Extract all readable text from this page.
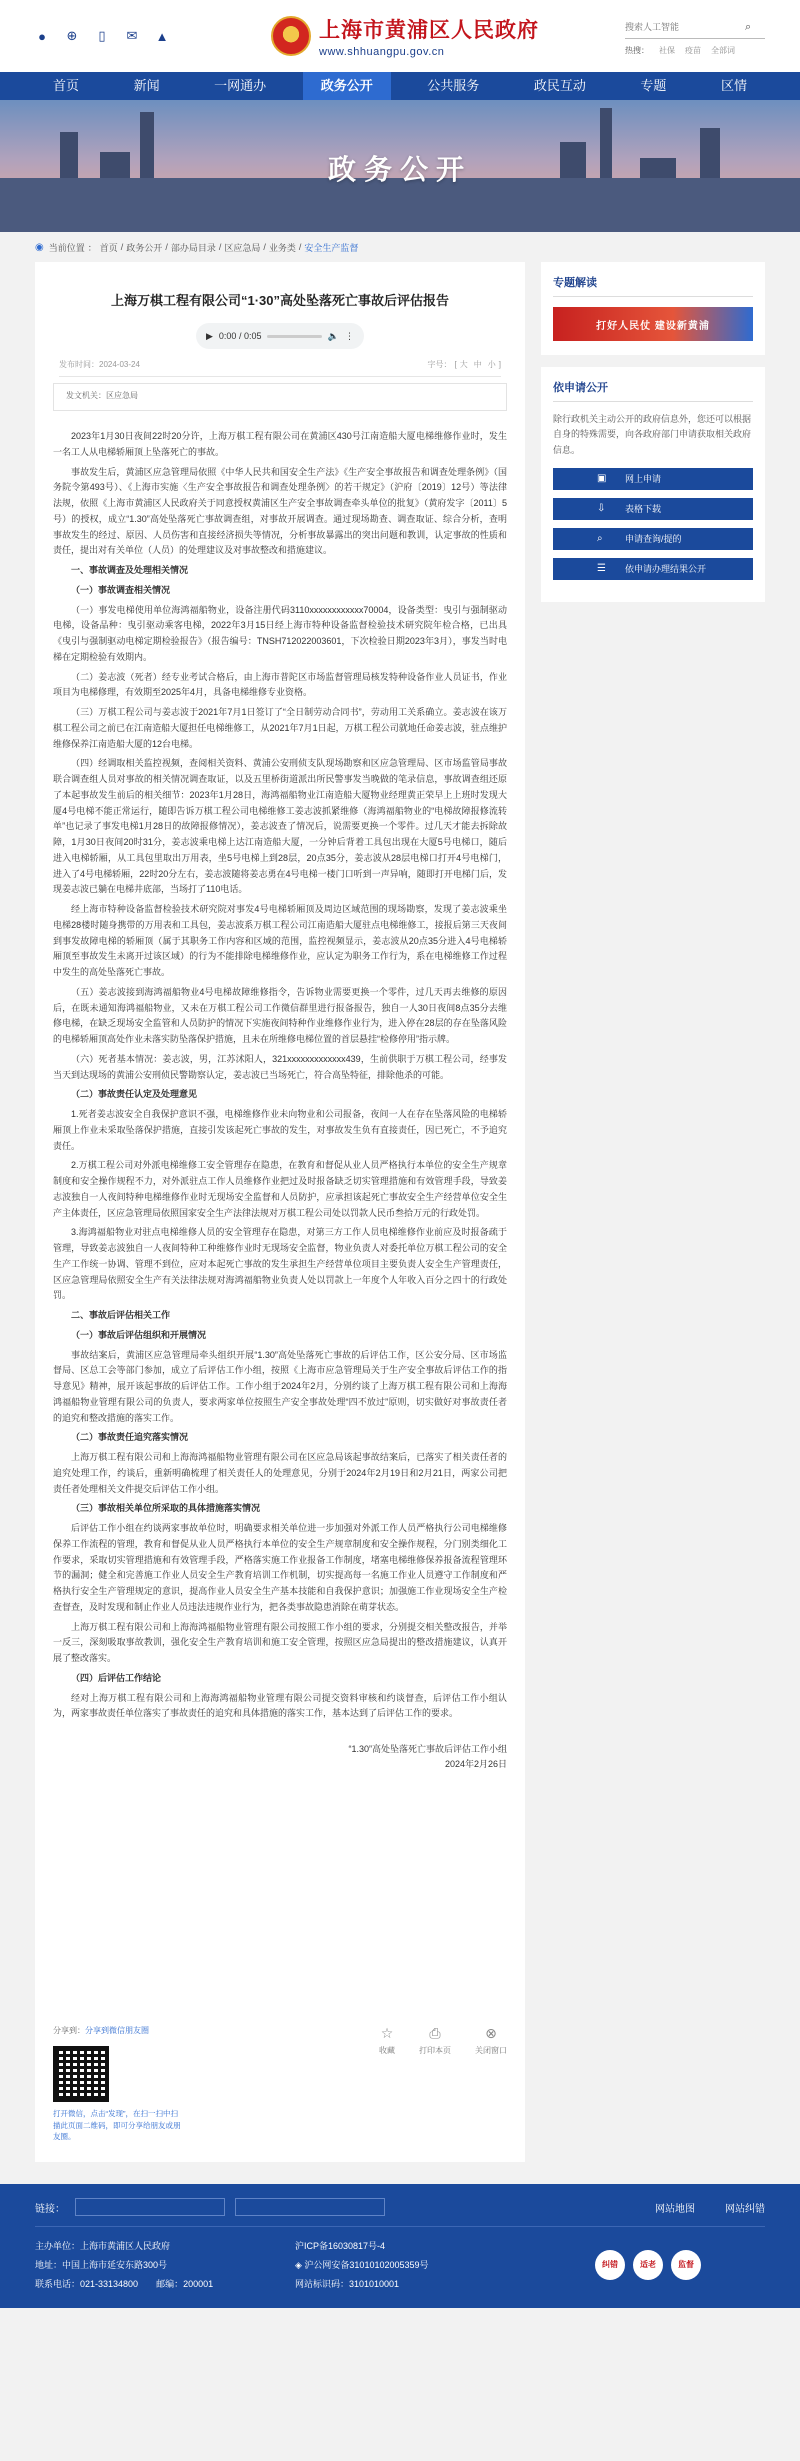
● ⊕ ▯ ✉ ▲	上海市黄浦区人民政府
www.shhuangpu.gov.cn
搜索人工智能
⌕
热搜： 社保 疫苗 全部词
首页	新闻	一网通办	政务公开	公共服务	政民互动	专题	区情
政务公开
◉ 当前位置 ： 首页 / 政务公开 / 部办局目录 / 区应急局 / 业务类 / 安全生产监督
上海万棋工程有限公司“1·30”高处坠落死亡事故后评估报告
▶ 0:00 / 0:05	🔈 ⋮
发布时间：2024-03-24	字号： [ 大 中 小 ]
发文机关：区应急局

2023年1月30日夜间22时20分许，上海万棋工程有限公司在黄浦区430号江南造船大厦电梯维修作业时，发生一名工人从电梯轿厢顶上坠落死亡的事故。

事故发生后，黄浦区应急管理局依照《中华人民共和国安全生产法》《生产安全事故报告和调查处理条例》（国务院令第493号）、《上海市实施〈生产安全事故报告和调查处理条例〉的若干规定》（沪府〔2019〕12号）等法律法规，依照《上海市黄浦区人民政府关于同意授权黄浦区生产安全事故调查牵头单位的批复》（黄府发字〔2011〕5号）的授权，成立“1.30”高处坠落死亡事故调查组，对事故开展调查。通过现场勘查、调查取证、综合分析，查明事故发生的经过、原因、人员伤害和直接经济损失等情况，分析事故暴露出的突出问题和教训，认定事故的性质和责任，提出对有关单位（人员）的处理建议及对事故整改和措施建议。

一、事故调查及处理相关情况

（一）事故调查相关情况

（一）事发电梯使用单位海鸿福船物业，设备注册代码3110xxxxxxxxxxxx70004，设备类型：曳引与强制驱动电梯，设备品种：曳引驱动乘客电梯，2022年3月15日经上海市特种设备监督检验技术研究院年检合格，已出具《曳引与强制驱动电梯定期检验报告》（报告编号：TNSH712022003601，下次检验日期2023年3月），事发当时电梯在定期检验有效期内。

（二）姜志波（死者）经专业考试合格后，由上海市普陀区市场监督管理局核发特种设备作业人员证书，作业项目为电梯修理，有效期至2025年4月，具备电梯维修专业资格。

（三）万棋工程公司与姜志波于2021年7月1日签订了“全日制劳动合同书”，劳动用工关系确立。姜志波在该万棋工程公司之前已在江南造船大厦担任电梯维修工，从2021年7月1日起，万棋工程公司就地任命姜志波，驻点维护维修保养江南造船大厦的12台电梯。

（四）经调取相关监控视频，查阅相关资料、黄浦公安刑侦支队现场勘察和区应急管理局、区市场监管局事故联合调查组人员对事故的相关情况调查取证，以及五里桥街道派出所民警事发当晚做的笔录信息，事故调查组还原了本起事故发生前后的相关细节：2023年1月28日，海鸿福船物业江南造船大厦物业经理黄正荣早上上班时发现大厦4号电梯不能正常运行，随即告诉万棋工程公司电梯维修工姜志波抓紧维修（海鸿福船物业的“电梯故障报修流转单”也记录了事发电梯1月28日的故障报修情况），姜志波查了情况后，说需要更换一个零件。过几天才能去拆除故障，1月30日夜间20时31分，姜志波乘电梯上达江南造船大厦，一分钟后背着工具包出现在大厦5号电梯口，随后进入电梯轿厢，从工具包里取出万用表，坐5号电梯上到28层，20点35分，姜志波从28层电梯口打开4号电梯门，进入了4号电梯轿厢，22时20分左右，姜志波随将姜志勇在4号电梯一楼门口听到一声异响，随即打开电梯门后，发现姜志波已躺在电梯井底部，当场打了110电话。

经上海市特种设备监督检验技术研究院对事发4号电梯轿厢顶及周边区域范围的现场勘察，发现了姜志波乘坐电梯28楼时随身携带的万用表和工具包，姜志波系万棋工程公司江南造船大厦驻点电梯维修工，接报后第三天夜间到事发故障电梯的轿厢顶（属于其职务工作内容和区域的范围，监控视频显示，姜志波从20点35分进入4号电梯轿厢顶至事故发生未离开过该区域）的行为不能排除电梯维修作业，应认定为职务工作行为，系在电梯维修工作过程中发生的高处坠落死亡事故。

（五）姜志波接到海鸿福船物业4号电梯故障维修指令，告诉物业需要更换一个零件，过几天再去维修的原因后，在既未通知海鸿福船物业，又未在万棋工程公司工作微信群里进行报备报告，独自一人30日夜间8点35分去维修电梯，在缺乏现场安全监管和人员防护的情况下实施夜间特种作业维修作业行为，进入停在28层的存在坠落风险的电梯轿厢顶高处作业未落实防坠落保护措施，且未在所维修电梯位置的首层悬挂“检修停用”指示牌。

（六）死者基本情况：姜志波，男，江苏沭阳人，321xxxxxxxxxxxxx439，生前供职于万棋工程公司，经事发当天到达现场的黄浦公安刑侦民警勘察认定，姜志波已当场死亡，符合高坠特征，排除他杀的可能。

（二）事故责任认定及处理意见

1.死者姜志波安全自我保护意识不强，电梯维修作业未向物业和公司报备，夜间一人在存在坠落风险的电梯轿厢顶上作业未采取坠落保护措施，直接引发该起死亡事故的发生，对事故发生负有直接责任，因已死亡，不予追究责任。

2.万棋工程公司对外派电梯维修工安全管理存在隐患，在教育和督促从业人员严格执行本单位的安全生产规章制度和安全操作规程不力，对外派驻点工作人员维修作业把过及时报备缺乏切实管理措施和有效管理手段，导致姜志波独自一人夜间特种电梯维修作业时无现场安全监督和人员防护，应承担该起死亡事故安全生产经营单位安全生产主体责任，区应急管理局依照国家安全生产法律法规对万棋工程公司处以罚款人民币叁拾万元的行政处罚。

3.海鸿福船物业对驻点电梯维修人员的安全管理存在隐患，对第三方工作人员电梯维修作业前应及时报备疏于管理，导致姜志波独自一人夜间特种工种维修作业时无现场安全监督，物业负责人对委托单位万棋工程公司的安全生产工作统一协调、管理不到位，应对本起死亡事故的发生承担生产经营单位项目主要负责人安全生产管理责任，区应急管理局依照安全生产有关法律法规对海鸿福船物业负责人处以罚款上一年度个人年收入百分之四十的行政处罚。

二、事故后评估相关工作

（一）事故后评估组织和开展情况

事故结案后，黄浦区应急管理局牵头组织开展“1.30”高处坠落死亡事故的后评估工作，区公安分局、区市场监督局、区总工会等部门参加，成立了后评估工作小组，按照《上海市应急管理局关于生产安全事故后评估工作的指导意见》精神，展开该起事故的后评估工作。工作小组于2024年2月，分别约谈了上海万棋工程有限公司和上海海鸿福船物业管理有限公司的负责人，要求两家单位按照生产安全事故处理“四不放过”原则，切实做好对事故责任者的追究和整改措施的落实工作。

（二）事故责任追究落实情况

上海万棋工程有限公司和上海海鸿福船物业管理有限公司在区应急局该起事故结案后，已落实了相关责任者的追究处理工作，约谈后，重新明确梳理了相关责任人的处理意见，分别于2024年2月19日和2月21日，两家公司把责任者处理相关文件提交后评估工作小组。

（三）事故相关单位所采取的具体措施落实情况

后评估工作小组在约谈两家事故单位时，明确要求相关单位进一步加强对外派工作人员严格执行公司电梯维修保养工作流程的管理，教育和督促从业人员严格执行本单位的安全生产规章制度和安全操作规程，分门别类细化工作要求，采取切实管理措施和有效管理手段，严格落实施工作业报备工作制度，堵塞电梯维修保养报备流程管理环节的漏洞；健全和完善施工作业人员安全生产教育培训工作机制，切实提高每一名施工作业人员遵守工作制度和严格执行安全生产管理规定的意识，提高作业人员安全生产基本技能和自我保护意识；加强施工作业现场安全生产检查督查，及时发现和制止作业人员违法违规作业行为，把各类事故隐患消除在萌芽状态。

上海万棋工程有限公司和上海海鸿福船物业管理有限公司按照工作小组的要求，分别提交相关整改报告，并举一反三，深刻吸取事故教训，强化安全生产教育培训和施工安全管理，按照区应急局提出的整改措施建议，认真开展了整改落实。

（四）后评估工作结论

经对上海万棋工程有限公司和上海海鸿福船物业管理有限公司提交资料审核和约谈督查，后评估工作小组认为，两家事故责任单位落实了事故责任的追究和具体措施的落实工作，基本达到了后评估工作的要求。

“1.30”高处坠落死亡事故后评估工作小组
2024年2月26日
分享到：分享到微信朋友圈
打开微信，点击“发现”，在扫一扫中扫描此页面二维码，即可分享给朋友或朋友圈。
☆
收藏
⎙
打印本页
⊗
关闭窗口
专题解读
打好人民仗 建设新黄浦
依申请公开
除行政机关主动公开的政府信息外，您还可以根据自身的特殊需要，向各政府部门申请获取相关政府信息。
▣	网上申请
⇩	表格下载
⌕	申请查询/提的
☰	依申请办理结果公开
链接：	网站地图	网站纠错
主办单位：上海市黄浦区人民政府
地址：中国上海市延安东路300号
联系电话：021-33134800　　 邮编：200001
沪ICP备16030817号-4
◈ 沪公网安备31010102005359号
网站标识码：3101010001
纠错	适老	监督
